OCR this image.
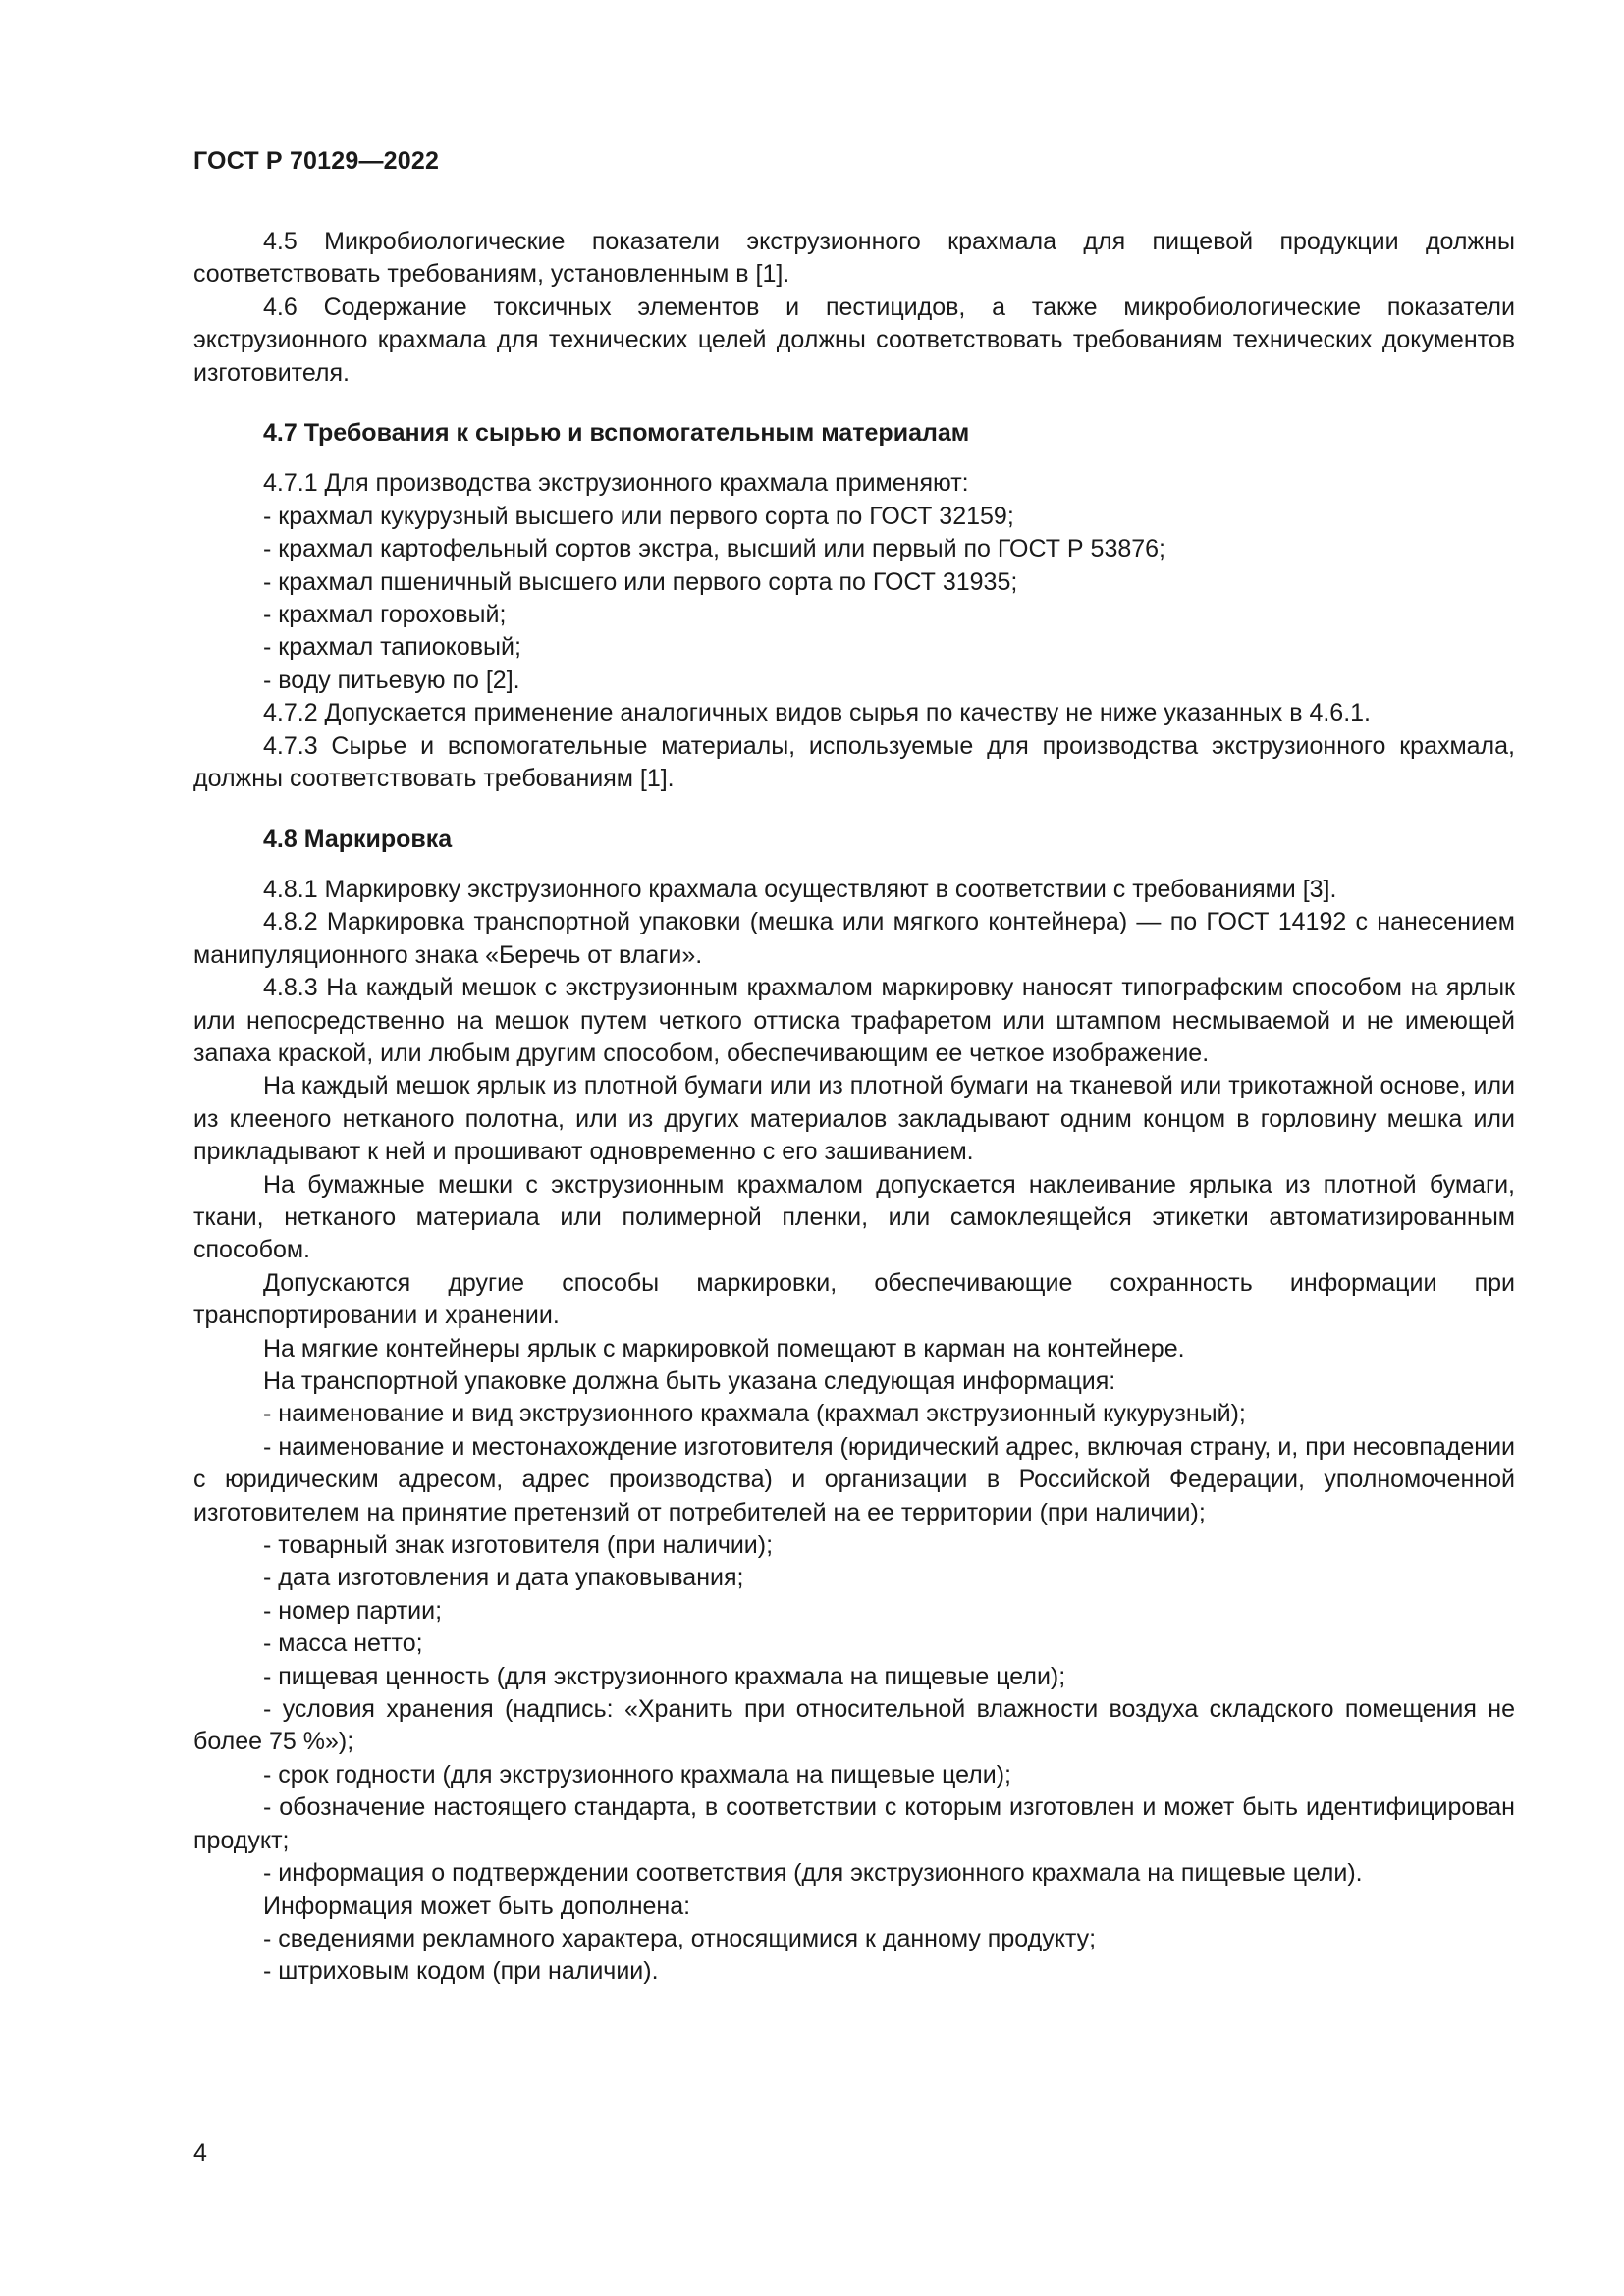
ГОСТ Р 70129—2022

4.5 Микробиологические показатели экструзионного крахмала для пищевой продукции должны соответствовать требованиям, установленным в [1].

4.6 Содержание токсичных элементов и пестицидов, а также микробиологические показатели экструзионного крахмала для технических целей должны соответствовать требованиям технических документов изготовителя.

4.7 Требования к сырью и вспомогательным материалам

4.7.1 Для производства экструзионного крахмала применяют:

- крахмал кукурузный высшего или первого сорта по ГОСТ 32159;

- крахмал картофельный сортов экстра, высший или первый по ГОСТ Р 53876;

- крахмал пшеничный высшего или первого сорта по ГОСТ 31935;

- крахмал гороховый;

- крахмал тапиоковый;

- воду питьевую по [2].

4.7.2 Допускается применение аналогичных видов сырья по качеству не ниже указанных в 4.6.1.

4.7.3 Сырье и вспомогательные материалы, используемые для производства экструзионного крахмала, должны соответствовать требованиям [1].

4.8 Маркировка

4.8.1 Маркировку экструзионного крахмала осуществляют в соответствии с требованиями [3].

4.8.2 Маркировка транспортной упаковки (мешка или мягкого контейнера) — по ГОСТ 14192 с нанесением манипуляционного знака «Беречь от влаги».

4.8.3 На каждый мешок с экструзионным крахмалом маркировку наносят типографским способом на ярлык или непосредственно на мешок путем четкого оттиска трафаретом или штампом несмываемой и не имеющей запаха краской, или любым другим способом, обеспечивающим ее четкое изображение.

На каждый мешок ярлык из плотной бумаги или из плотной бумаги на тканевой или трикотажной основе, или из клееного нетканого полотна, или из других материалов закладывают одним концом в горловину мешка или прикладывают к ней и прошивают одновременно с его зашиванием.

На бумажные мешки с экструзионным крахмалом допускается наклеивание ярлыка из плотной бумаги, ткани, нетканого материала или полимерной пленки, или самоклеящейся этикетки автоматизированным способом.

Допускаются другие способы маркировки, обеспечивающие сохранность информации при транспортировании и хранении.

На мягкие контейнеры ярлык с маркировкой помещают в карман на контейнере.

На транспортной упаковке должна быть указана следующая информация:

- наименование и вид экструзионного крахмала (крахмал экструзионный кукурузный);

- наименование и местонахождение изготовителя (юридический адрес, включая страну, и, при несовпадении с юридическим адресом, адрес производства) и организации в Российской Федерации, уполномоченной изготовителем на принятие претензий от потребителей на ее территории (при наличии);

- товарный знак изготовителя (при наличии);

- дата изготовления и дата упаковывания;

- номер партии;

- масса нетто;

- пищевая ценность (для экструзионного крахмала на пищевые цели);

- условия хранения (надпись: «Хранить при относительной влажности воздуха складского помещения не более 75 %»);

- срок годности (для экструзионного крахмала на пищевые цели);

- обозначение настоящего стандарта, в соответствии с которым изготовлен и может быть идентифицирован продукт;

- информация о подтверждении соответствия (для экструзионного крахмала на пищевые цели).

Информация может быть дополнена:

- сведениями рекламного характера, относящимися к данному продукту;

- штриховым кодом (при наличии).

4
